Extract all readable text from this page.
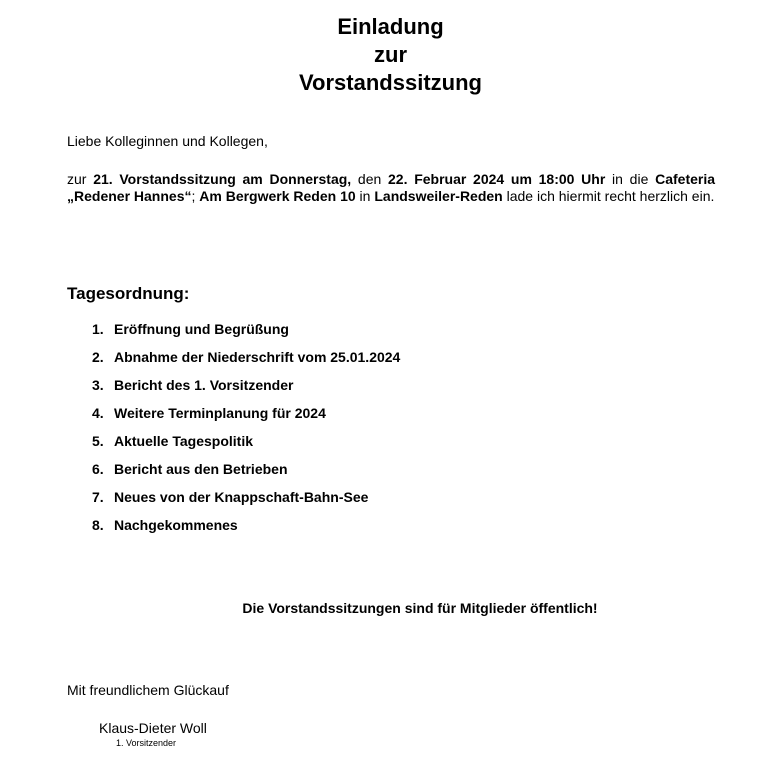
Einladung
zur
Vorstandssitzung
Liebe Kolleginnen und Kollegen,
zur 21. Vorstandssitzung am Donnerstag, den 22. Februar 2024 um 18:00 Uhr in die Cafeteria „Redener Hannes“; Am Bergwerk Reden 10 in Landsweiler-Reden lade ich hiermit recht herzlich ein.
Tagesordnung:
1. Eröffnung und Begrüßung
2. Abnahme der Niederschrift vom 25.01.2024
3. Bericht des 1. Vorsitzender
4. Weitere Terminplanung für 2024
5. Aktuelle Tagespolitik
6. Bericht aus den Betrieben
7. Neues von der Knappschaft-Bahn-See
8. Nachgekommenes
Die Vorstandssitzungen sind für Mitglieder öffentlich!
Mit freundlichem Glückauf
Klaus-Dieter Woll
1. Vorsitzender
